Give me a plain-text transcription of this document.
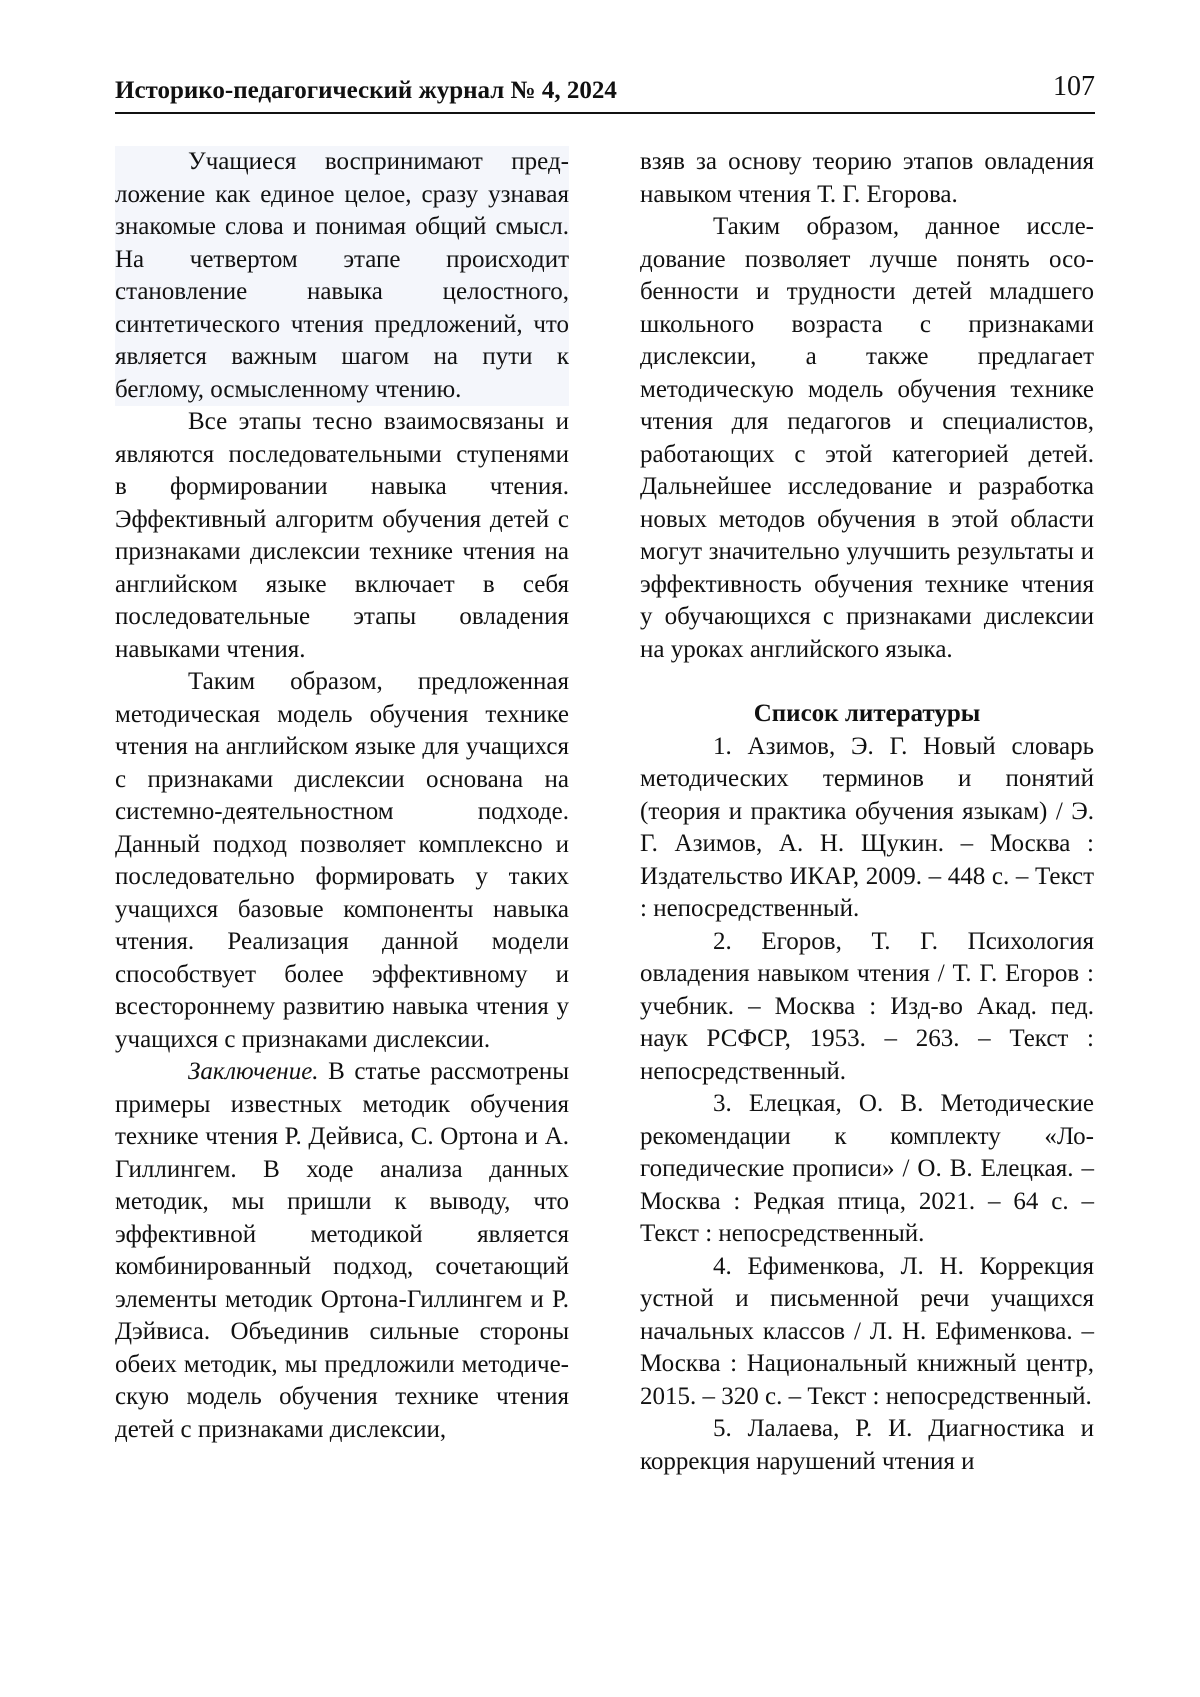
Историко-педагогический журнал № 4, 2024	107

Учащиеся воспринимают предложение как единое целое, сразу узнавая знакомые слова и понимая общий смысл. На четвертом этапе происходит становление навыка целостного, синтетического чтения предложений, что является важным шагом на пути к беглому, осмысленному чтению.

Все этапы тесно взаимосвязаны и являются последовательными ступенями в формировании навыка чтения. Эффективный алгоритм обучения детей с признаками дислексии технике чтения на английском языке включает в себя последовательные этапы овладения навыками чтения.

Таким образом, предложенная методическая модель обучения технике чтения на английском языке для учащихся с признаками дислексии основана на системно-деятельностном подходе. Данный подход позволяет комплексно и последовательно формировать у таких учащихся базовые компоненты навыка чтения. Реализация данной модели способствует более эффективному и всестороннему развитию навыка чтения у учащихся с признаками дислексии.

Заключение. В статье рассмотрены примеры известных методик обучения технике чтения Р. Дейвиса, С. Ортона и А. Гиллингем. В ходе анализа данных методик, мы пришли к выводу, что эффективной методикой является комбинированный подход, сочетающий элементы методик Ортона-Гиллингем и Р. Дэйвиса. Объединив сильные стороны обеих методик, мы предложили методическую модель обучения технике чтения детей с признаками дислексии,

взяв за основу теорию этапов овладения навыком чтения Т. Г. Егорова.

Таким образом, данное исследование позволяет лучше понять особенности и трудности детей младшего школьного возраста с признаками дислексии, а также предлагает методическую модель обучения технике чтения для педагогов и специалистов, работающих с этой категорией детей. Дальнейшее исследование и разработка новых методов обучения в этой области могут значительно улучшить результаты и эффективность обучения технике чтения у обучающихся с признаками дислексии на уроках английского языка.

Список литературы

1. Азимов, Э. Г. Новый словарь методических терминов и понятий (теория и практика обучения языкам) / Э. Г. Азимов, А. Н. Щукин. – Москва : Издательство ИКАР, 2009. – 448 с. – Текст : непосредственный.

2. Егоров, Т. Г. Психология овладения навыком чтения / Т. Г. Егоров : учебник. – Москва : Изд-во Акад. пед. наук РСФСР, 1953. – 263. – Текст : непосредственный.

3. Елецкая, О. В. Методические рекомендации к комплекту «Логопедические прописи» / О. В. Елецкая. – Москва : Редкая птица, 2021. – 64 с. – Текст : непосредственный.

4. Ефименкова, Л. Н. Коррекция устной и письменной речи учащихся начальных классов / Л. Н. Ефименкова. – Москва : Национальный книжный центр, 2015. – 320 с. – Текст : непосредственный.

5. Лалаева, Р. И. Диагностика и коррекция нарушений чтения и
